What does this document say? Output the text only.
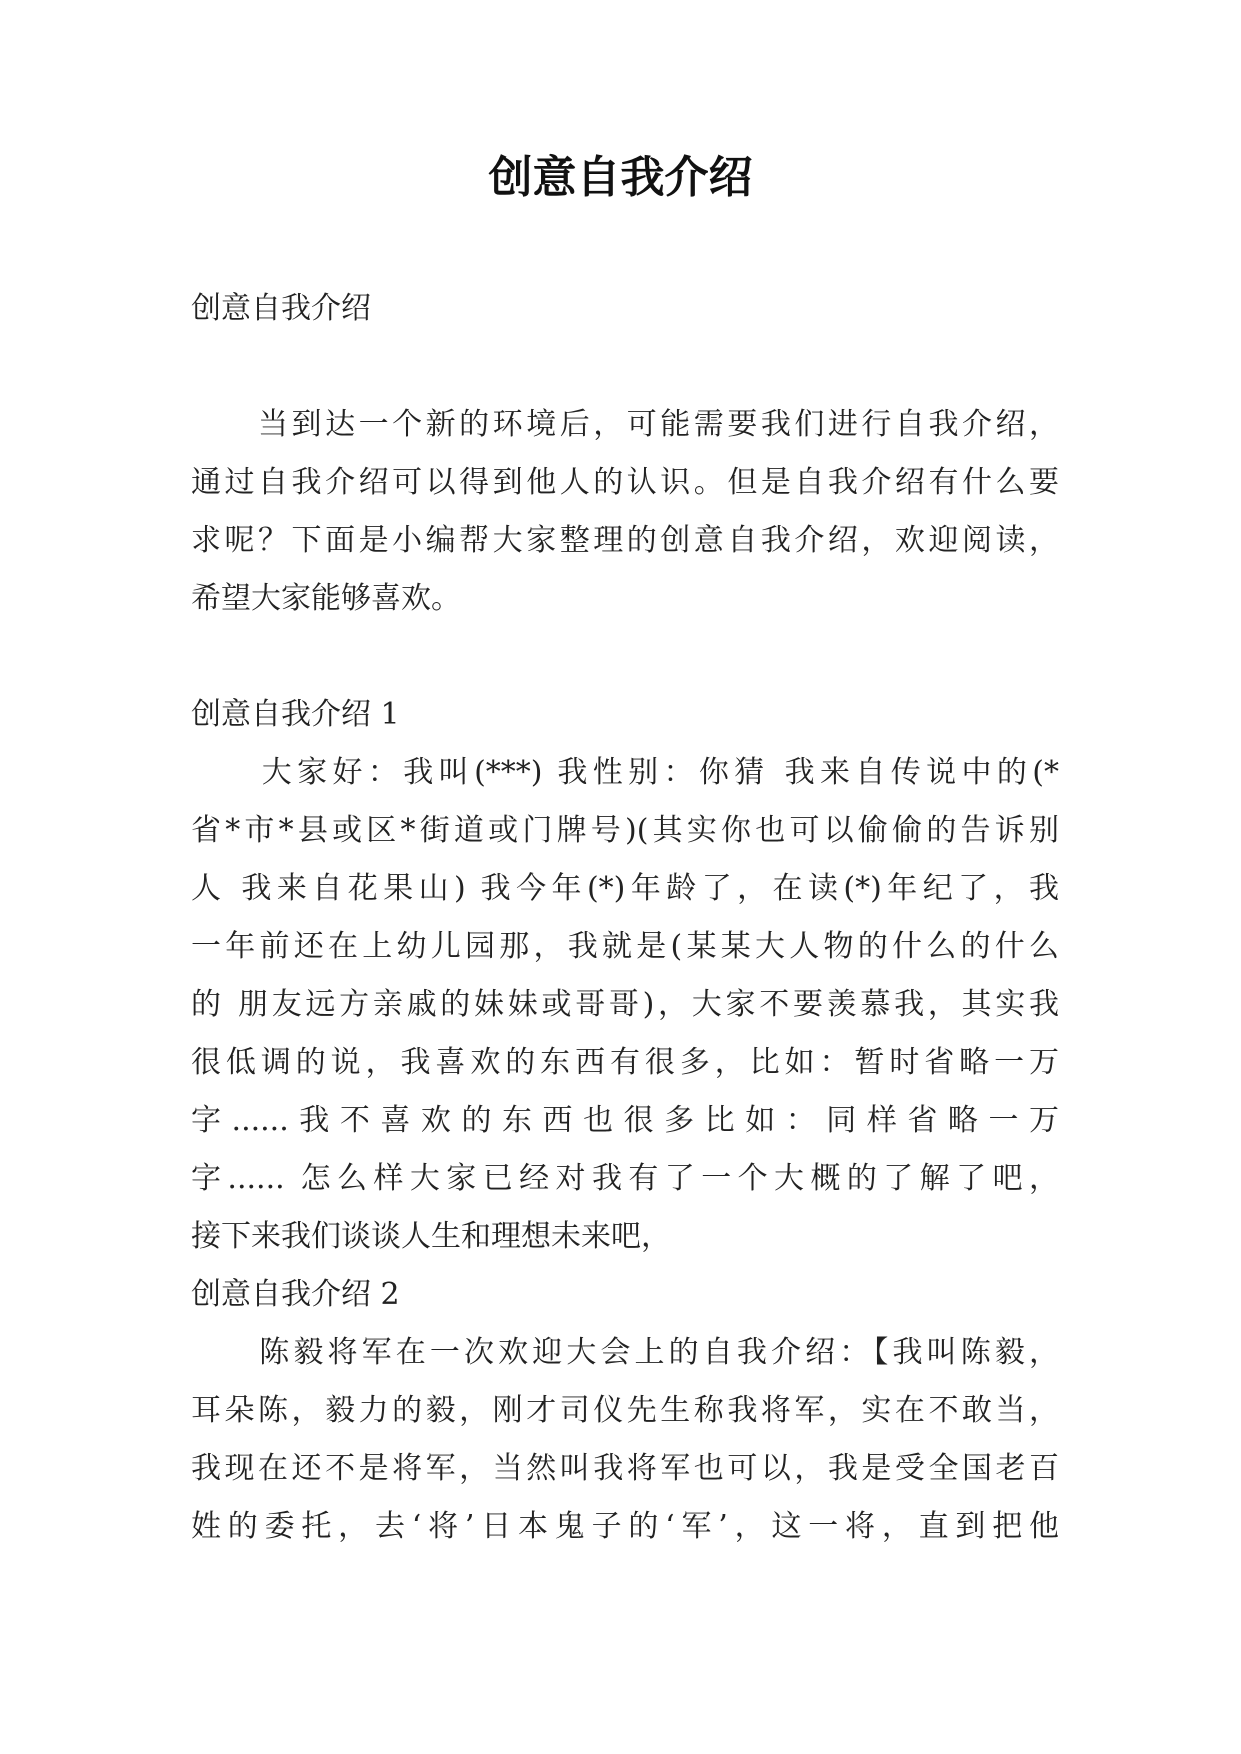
创意自我介绍

创意自我介绍

　　当到达一个新的环境后，可能需要我们进行自我介绍，

通过自我介绍可以得到他人的认识。但是自我介绍有什么要

求呢？下面是小编帮大家整理的创意自我介绍，欢迎阅读，

希望大家能够喜欢。

创意自我介绍 1

　　大家好：我叫(***) 我性别：你猜 我来自传说中的(*

省*市*县或区*街道或门牌号)(其实你也可以偷偷的告诉别

人 我来自花果山) 我今年(*)年龄了，在读(*)年纪了，我

一年前还在上幼儿园那，我就是(某某大人物的什么的什么

的 朋友远方亲戚的妹妹或哥哥)，大家不要羡慕我，其实我

很低调的说，我喜欢的东西有很多，比如：暂时省略一万

字......我不喜欢的东西也很多比如：同样省略一万

字...... 怎么样大家已经对我有了一个大概的了解了吧，

接下来我们谈谈人生和理想未来吧，

创意自我介绍 2

　　陈毅将军在一次欢迎大会上的自我介绍：【我叫陈毅，

耳朵陈，毅力的毅，刚才司仪先生称我将军，实在不敢当，

我现在还不是将军，当然叫我将军也可以，我是受全国老百

姓的委托，去‘将’日本鬼子的‘军’，这一将，直到把他
